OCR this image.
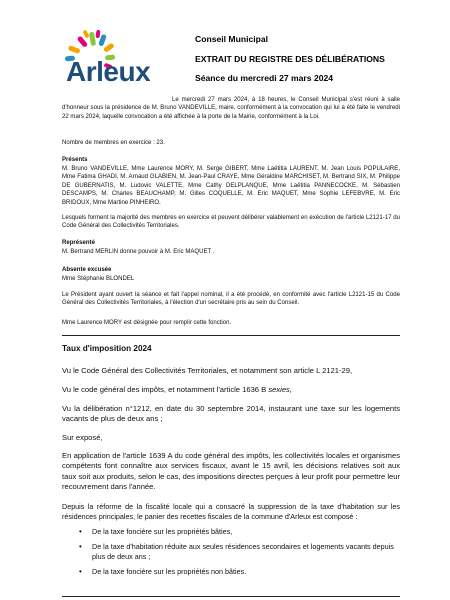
Arleux
Conseil Municipal
EXTRAIT DU REGISTRE DES DÉLIBÉRATIONS
Séance du mercredi 27 mars 2024
Le mercredi 27 mars 2024, à 18 heures, le Conseil Municipal s'est réuni à salle d'honneur sous la présidence de M. Bruno VANDEVILLE, maire, conformément à la convocation qui lui a été faite le vendredi 22 mars 2024, laquelle convocation a été affichée à la porte de la Mairie, conformément à la Loi.
Nombre de membres en exercice : 23.
Présents
M. Bruno VANDEVILLE, Mme Laurence MORY, M. Serge GIBERT, Mme Laëtitia LAURENT, M. Jean Louis POPULAIRE, Mme Fatima GHADI, M. Arnaud GLABIEN, M. Jean-Paul CRAYE, Mme Géraldine MARCHISET, M. Bertrand SIX, M. Philippe DE GUBERNATIS, M. Ludovic VALETTE, Mme Cathy DELPLANQUE, Mme Laëtitia PANNECOCKE, M. Sébastien DESCAMPS, M. Charles BEAUCHAMP, M. Gilles COQUELLE, M. Eric MAQUET, Mme Sophie LEFEBVRE, M. Eric BRIDOUX, Mme Martine PINHEIRO.
Lesquels forment la majorité des membres en exercice et peuvent délibérer valablement en exécution de l'article L2121-17 du Code Général des Collectivités Territoriales.
Représenté
M. Bertrand MERLIN donne pouvoir à M. Eric MAQUET .
Absente excusée
Mme Stéphanie BLONDEL
Le Président ayant ouvert la séance et fait l'appel nominal, il a été procédé, en conformité avec l'article L2121-15 du Code Général des Collectivités Territoriales, à l'élection d'un secrétaire pris au sein du Conseil.
Mme Laurence MORY est désignée pour remplir cette fonction.
Taux d'imposition 2024
Vu le Code Général des Collectivités Territoriales, et notamment son article L 2121-29,
Vu le code général des impôts, et notamment l'article 1636 B sexies,
Vu la délibération n°1212, en date du 30 septembre 2014, instaurant une taxe sur les logements vacants de plus de deux ans ;
Sur exposé,
En application de l'article 1639 A du code général des impôts, les collectivités locales et organismes compétents font connaître aux services fiscaux, avant le 15 avril, les décisions relatives soit aux taux soit aux produits, selon le cas, des impositions directes perçues à leur profit pour permettre leur recouvrement dans l'année.
Depuis la réforme de la fiscalité locale qui a consacré la suppression de la taxe d'habitation sur les résidences principales, le panier des recettes fiscales de la commune d'Arleux est composé :
• De la taxe foncière sur les propriétés bâties,
• De la taxe d'habitation réduite aux seules résidences secondaires et logements vacants depuis plus de deux ans ;
• De la taxe foncière sur les propriétés non bâties.
